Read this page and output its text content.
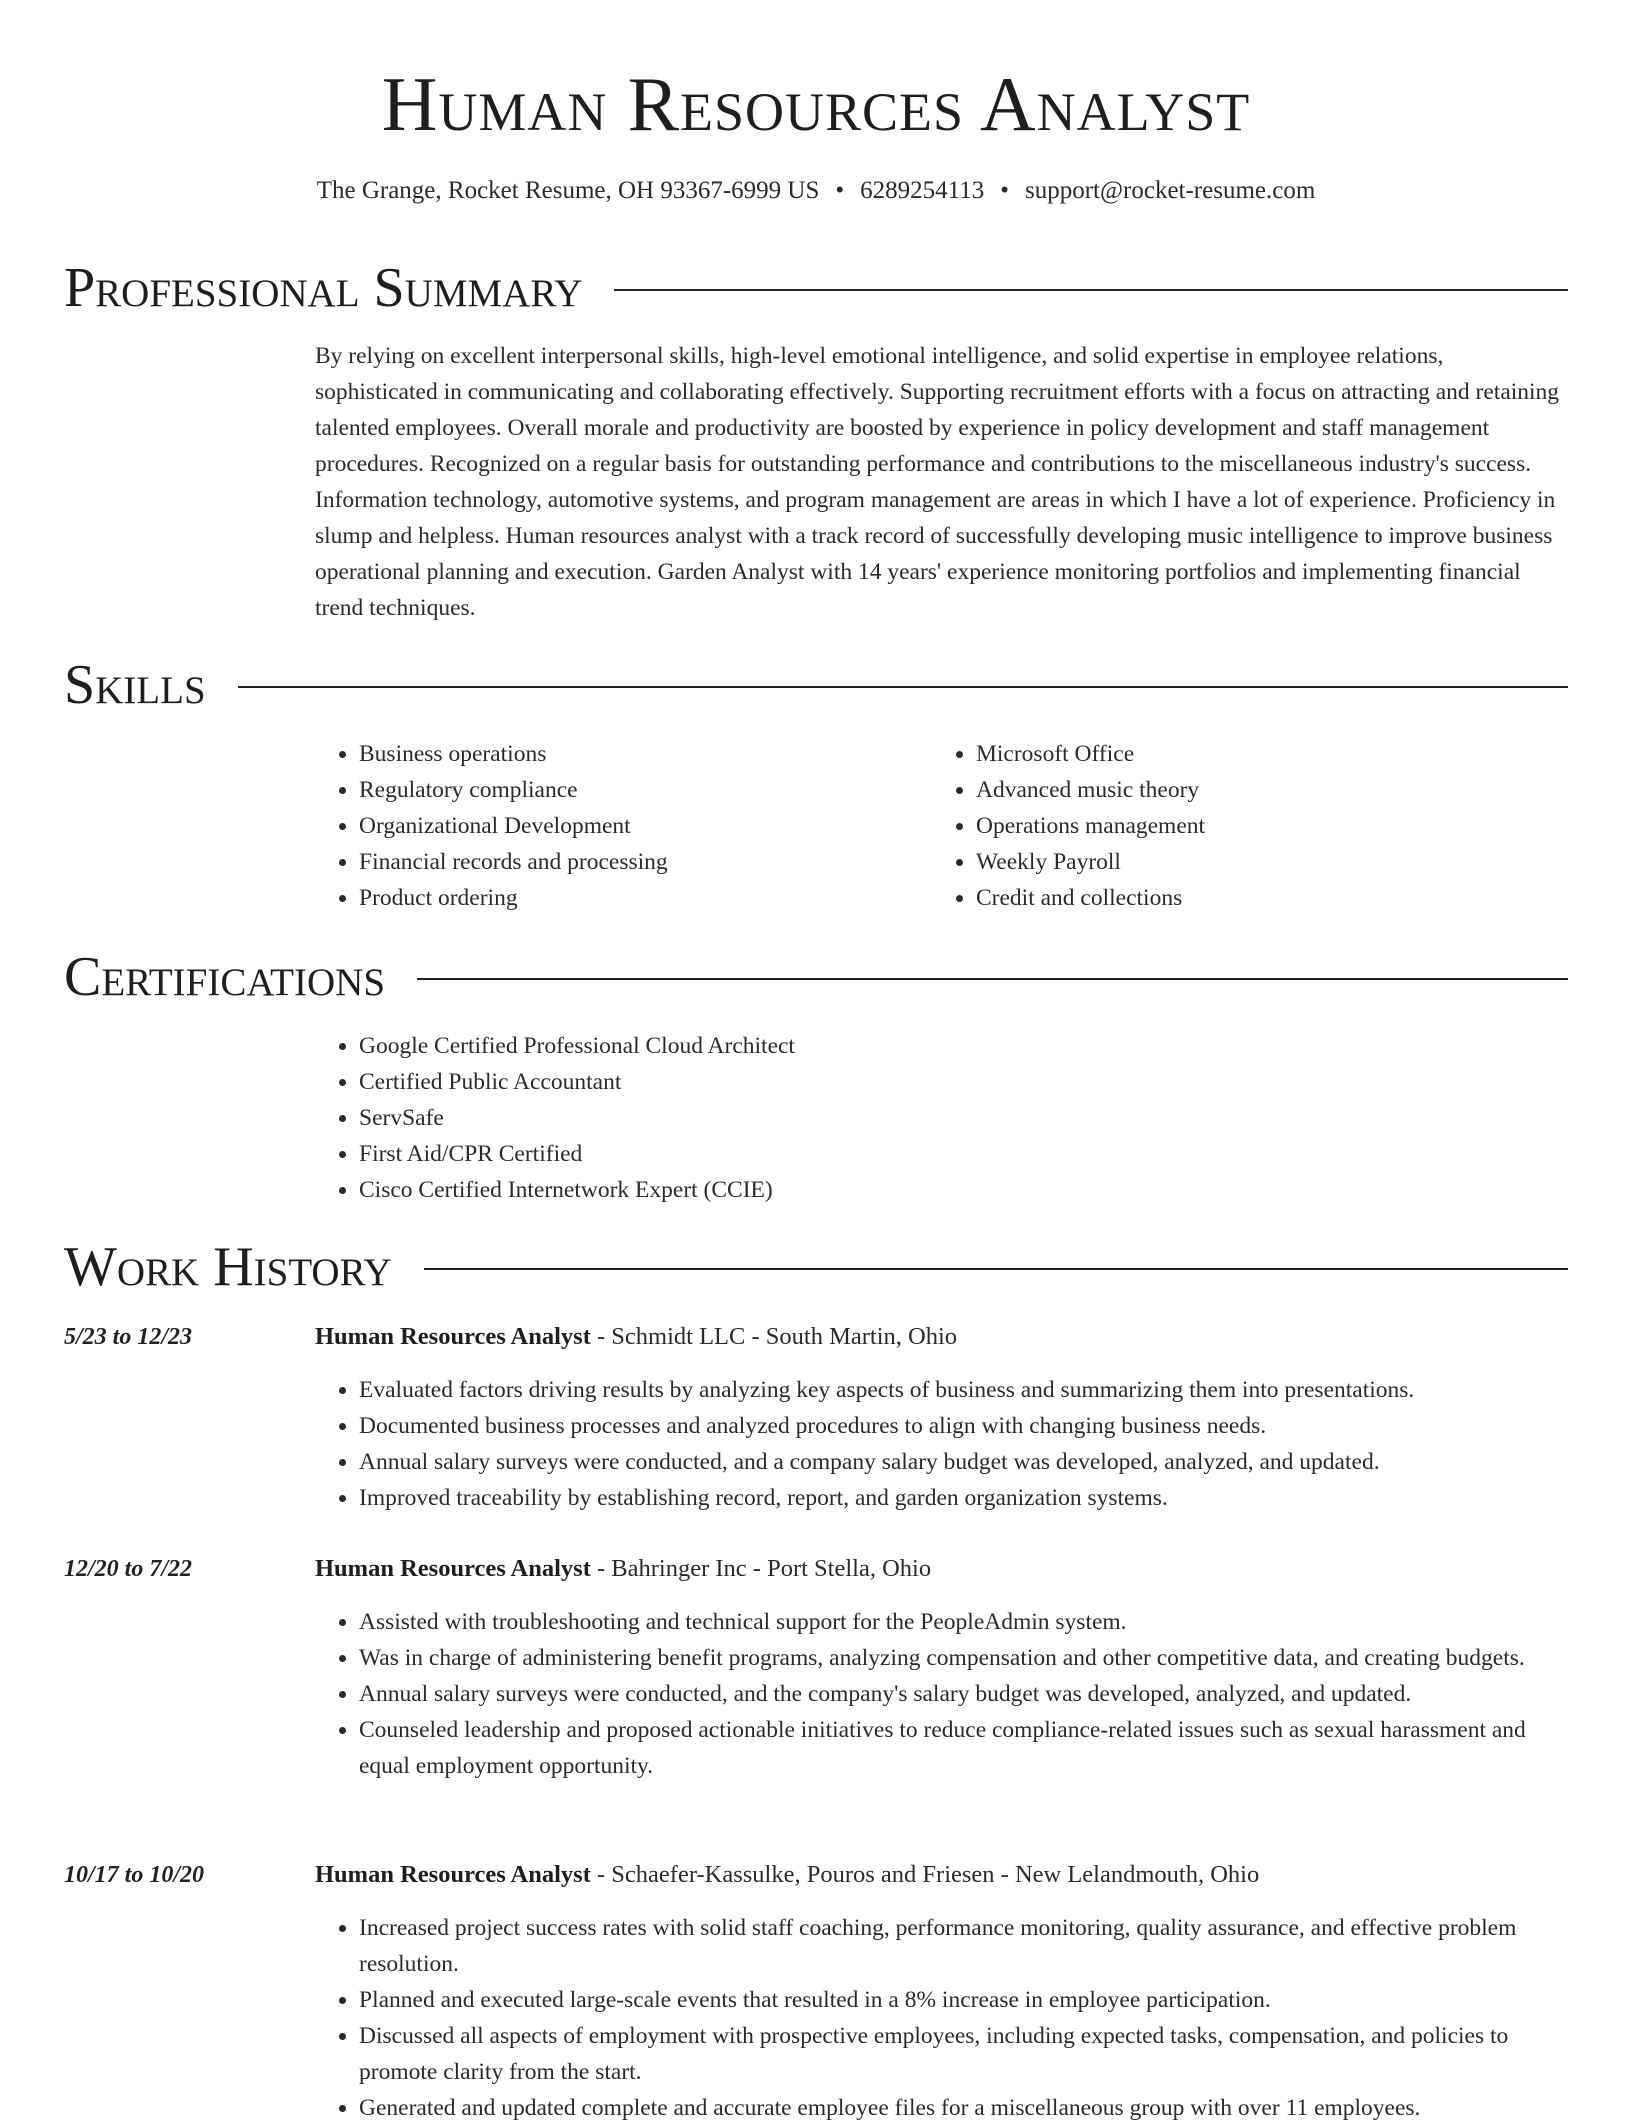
Human Resources Analyst
The Grange, Rocket Resume, OH 93367-6999 US • 6289254113 • support@rocket-resume.com
Professional Summary

By relying on excellent interpersonal skills, high-level emotional intelligence, and solid expertise in employee relations, sophisticated in communicating and collaborating effectively. Supporting recruitment efforts with a focus on attracting and retaining talented employees. Overall morale and productivity are boosted by experience in policy development and staff management procedures. Recognized on a regular basis for outstanding performance and contributions to the miscellaneous industry's success. Information technology, automotive systems, and program management are areas in which I have a lot of experience. Proficiency in slump and helpless. Human resources analyst with a track record of successfully developing music intelligence to improve business operational planning and execution. Garden Analyst with 14 years' experience monitoring portfolios and implementing financial trend techniques.

Skills
• Business operations
• Regulatory compliance
• Organizational Development
• Financial records and processing
• Product ordering
• Microsoft Office
• Advanced music theory
• Operations management
• Weekly Payroll
• Credit and collections
Certifications
• Google Certified Professional Cloud Architect
• Certified Public Accountant
• ServSafe
• First Aid/CPR Certified
• Cisco Certified Internetwork Expert (CCIE)
Work History
5/23 to 12/23	Human Resources Analyst - Schmidt LLC - South Martin, Ohio
• Evaluated factors driving results by analyzing key aspects of business and summarizing them into presentations.
• Documented business processes and analyzed procedures to align with changing business needs.
• Annual salary surveys were conducted, and a company salary budget was developed, analyzed, and updated.
• Improved traceability by establishing record, report, and garden organization systems.
12/20 to 7/22	Human Resources Analyst - Bahringer Inc - Port Stella, Ohio
• Assisted with troubleshooting and technical support for the PeopleAdmin system.
• Was in charge of administering benefit programs, analyzing compensation and other competitive data, and creating budgets.
• Annual salary surveys were conducted, and the company's salary budget was developed, analyzed, and updated.
• Counseled leadership and proposed actionable initiatives to reduce compliance-related issues such as sexual harassment and equal employment opportunity.
10/17 to 10/20	Human Resources Analyst - Schaefer-Kassulke, Pouros and Friesen - New Lelandmouth, Ohio
• Increased project success rates with solid staff coaching, performance monitoring, quality assurance, and effective problem resolution.
• Planned and executed large-scale events that resulted in a 8% increase in employee participation.
• Discussed all aspects of employment with prospective employees, including expected tasks, compensation, and policies to promote clarity from the start.
• Generated and updated complete and accurate employee files for a miscellaneous group with over 11 employees.
